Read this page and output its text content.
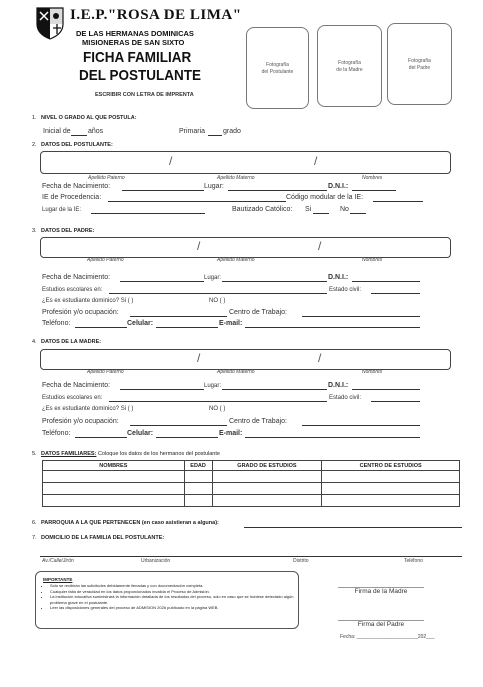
I.E.P."ROSA DE LIMA"
DE LAS HERMANAS DOMINICAS
MISIONERAS DE SAN SIXTO
FICHA FAMILIAR
DEL POSTULANTE
ESCRIBIR CON LETRA DE IMPRENTA
Fotografía
del Postulante
Fotografía
de la Madre
Fotografía
del Padre
1. NIVEL O GRADO AL QUE POSTULA:
Inicial de años	Primaria	grado
2. DATOS DEL POSTULANTE:
/	/
Apellido Paterno	Apellido Materno	Nombres
Fecha de Nacimiento:	Lugar:	D.N.I.:
IE de Procedencia:	Código modular de la IE:
Lugar de la IE:	Bautizado Católico: Si	No
3. DATOS DEL PADRE:
/	/
Apellido Paterno	Apellido Materno	Nombres
Fecha de Nacimiento:	Lugar:	D.N.I.:
Estudios escolares en:	Estado civil:
¿Es ex estudiante dominico? Si ( )	NO ( )
Profesión y/o ocupación:	Centro de Trabajo:
Teléfono:	Celular:	E-mail:
4. DATOS DE LA MADRE:
/	/
Apellido Paterno	Apellido Materno	Nombres
Fecha de Nacimiento:	Lugar:	D.N.I.:
Estudios escolares en:	Estado civil:
¿Es ex estudiante dominico? Si ( )	NO ( )
Profesión y/o ocupación:	Centro de Trabajo:
Teléfono:	Celular:	E-mail:
5. DATOS FAMILIARES: Coloque los datos de los hermanos del postulante
NOMBRES	EDAD	GRADO DE ESTUDIOS	CENTRO DE ESTUDIOS

6. PARROQUIA A LA QUE PERTENECEN (en caso asistieran a alguna):
7. DOMICILIO DE LA FAMILIA DEL POSTULANTE:
Av./Calle/Jirón	Urbanización	Distrito	Teléfono
IMPORTANTE
• Solo se recibirán las solicitudes debidamente llenadas y con documentación completa.
• Cualquier falta de veracidad en los datos proporcionados invalida el Proceso de Admisión.
• La institución educativa suministrará la información detallada de los resultados del proceso, solo en caso que se hubiese detectado algún problema grave en el postulante.
• Leer las disposiciones generales del proceso de ADMISION 2026 publicado en la página WEB.
Firma de la Madre
Firma del Padre
Fecha: ______________________202___
